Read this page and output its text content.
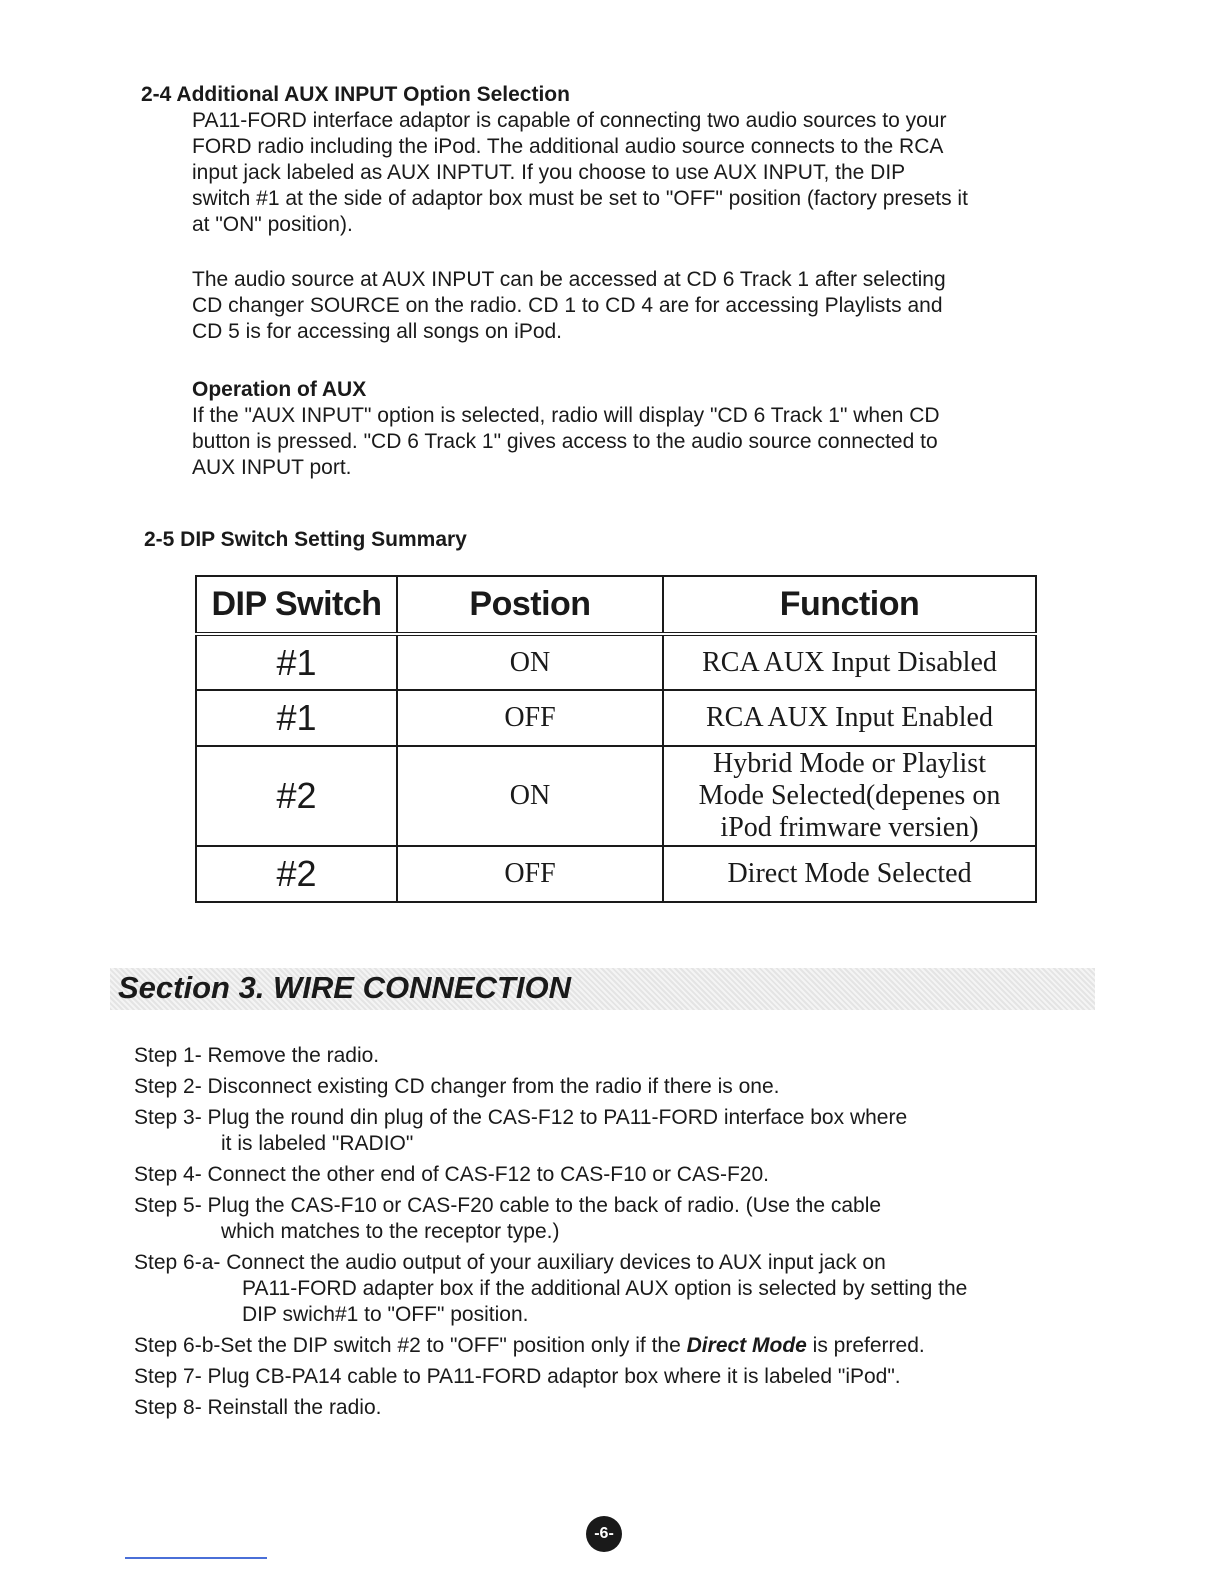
2-4 Additional AUX INPUT Option Selection
PA11-FORD interface adaptor is capable of connecting two audio sources to your
FORD radio including the iPod. The additional audio source connects to the RCA
input jack labeled as AUX INPTUT. If you choose to use AUX INPUT, the DIP
switch #1 at the side of adaptor box must be set to "OFF" position (factory presets it
at "ON" position).
The audio source at AUX INPUT can be accessed at CD 6 Track 1 after selecting
CD changer SOURCE on the radio. CD 1 to CD 4 are for accessing Playlists and
CD 5 is for accessing all songs on iPod.
Operation of AUX
If the "AUX INPUT" option is selected, radio will display "CD 6 Track 1" when CD
button is pressed. "CD 6 Track 1" gives access to the audio source connected to
AUX INPUT port.
2-5 DIP Switch Setting Summary
DIP Switch	Postion	Function
#1	ON	RCA AUX Input Disabled
#1	OFF	RCA AUX Input Enabled
#2	ON	Hybrid Mode or Playlist
Mode Selected(depenes on
iPod frimware versien)

#2	OFF	Direct Mode Selected
Section 3. WIRE CONNECTION
Step 1- Remove the radio.
Step 2- Disconnect existing CD changer from the radio if there is one.
Step 3- Plug the round din plug of the CAS-F12 to PA11-FORD interface box where
it is labeled "RADIO"
Step 4- Connect the other end of CAS-F12 to CAS-F10 or CAS-F20.
Step 5- Plug the CAS-F10 or CAS-F20 cable to the back of radio. (Use the cable
which matches to the receptor type.)
Step 6-a- Connect the audio output of your auxiliary devices to AUX input jack on
PA11-FORD adapter box if the additional AUX option is selected by setting the
DIP swich#1 to "OFF" position.
Step 6-b-Set the DIP switch #2 to "OFF" position only if the Direct Mode is preferred.
Step 7- Plug CB-PA14 cable to PA11-FORD adaptor box where it is labeled "iPod".
Step 8- Reinstall the radio.
-6-
